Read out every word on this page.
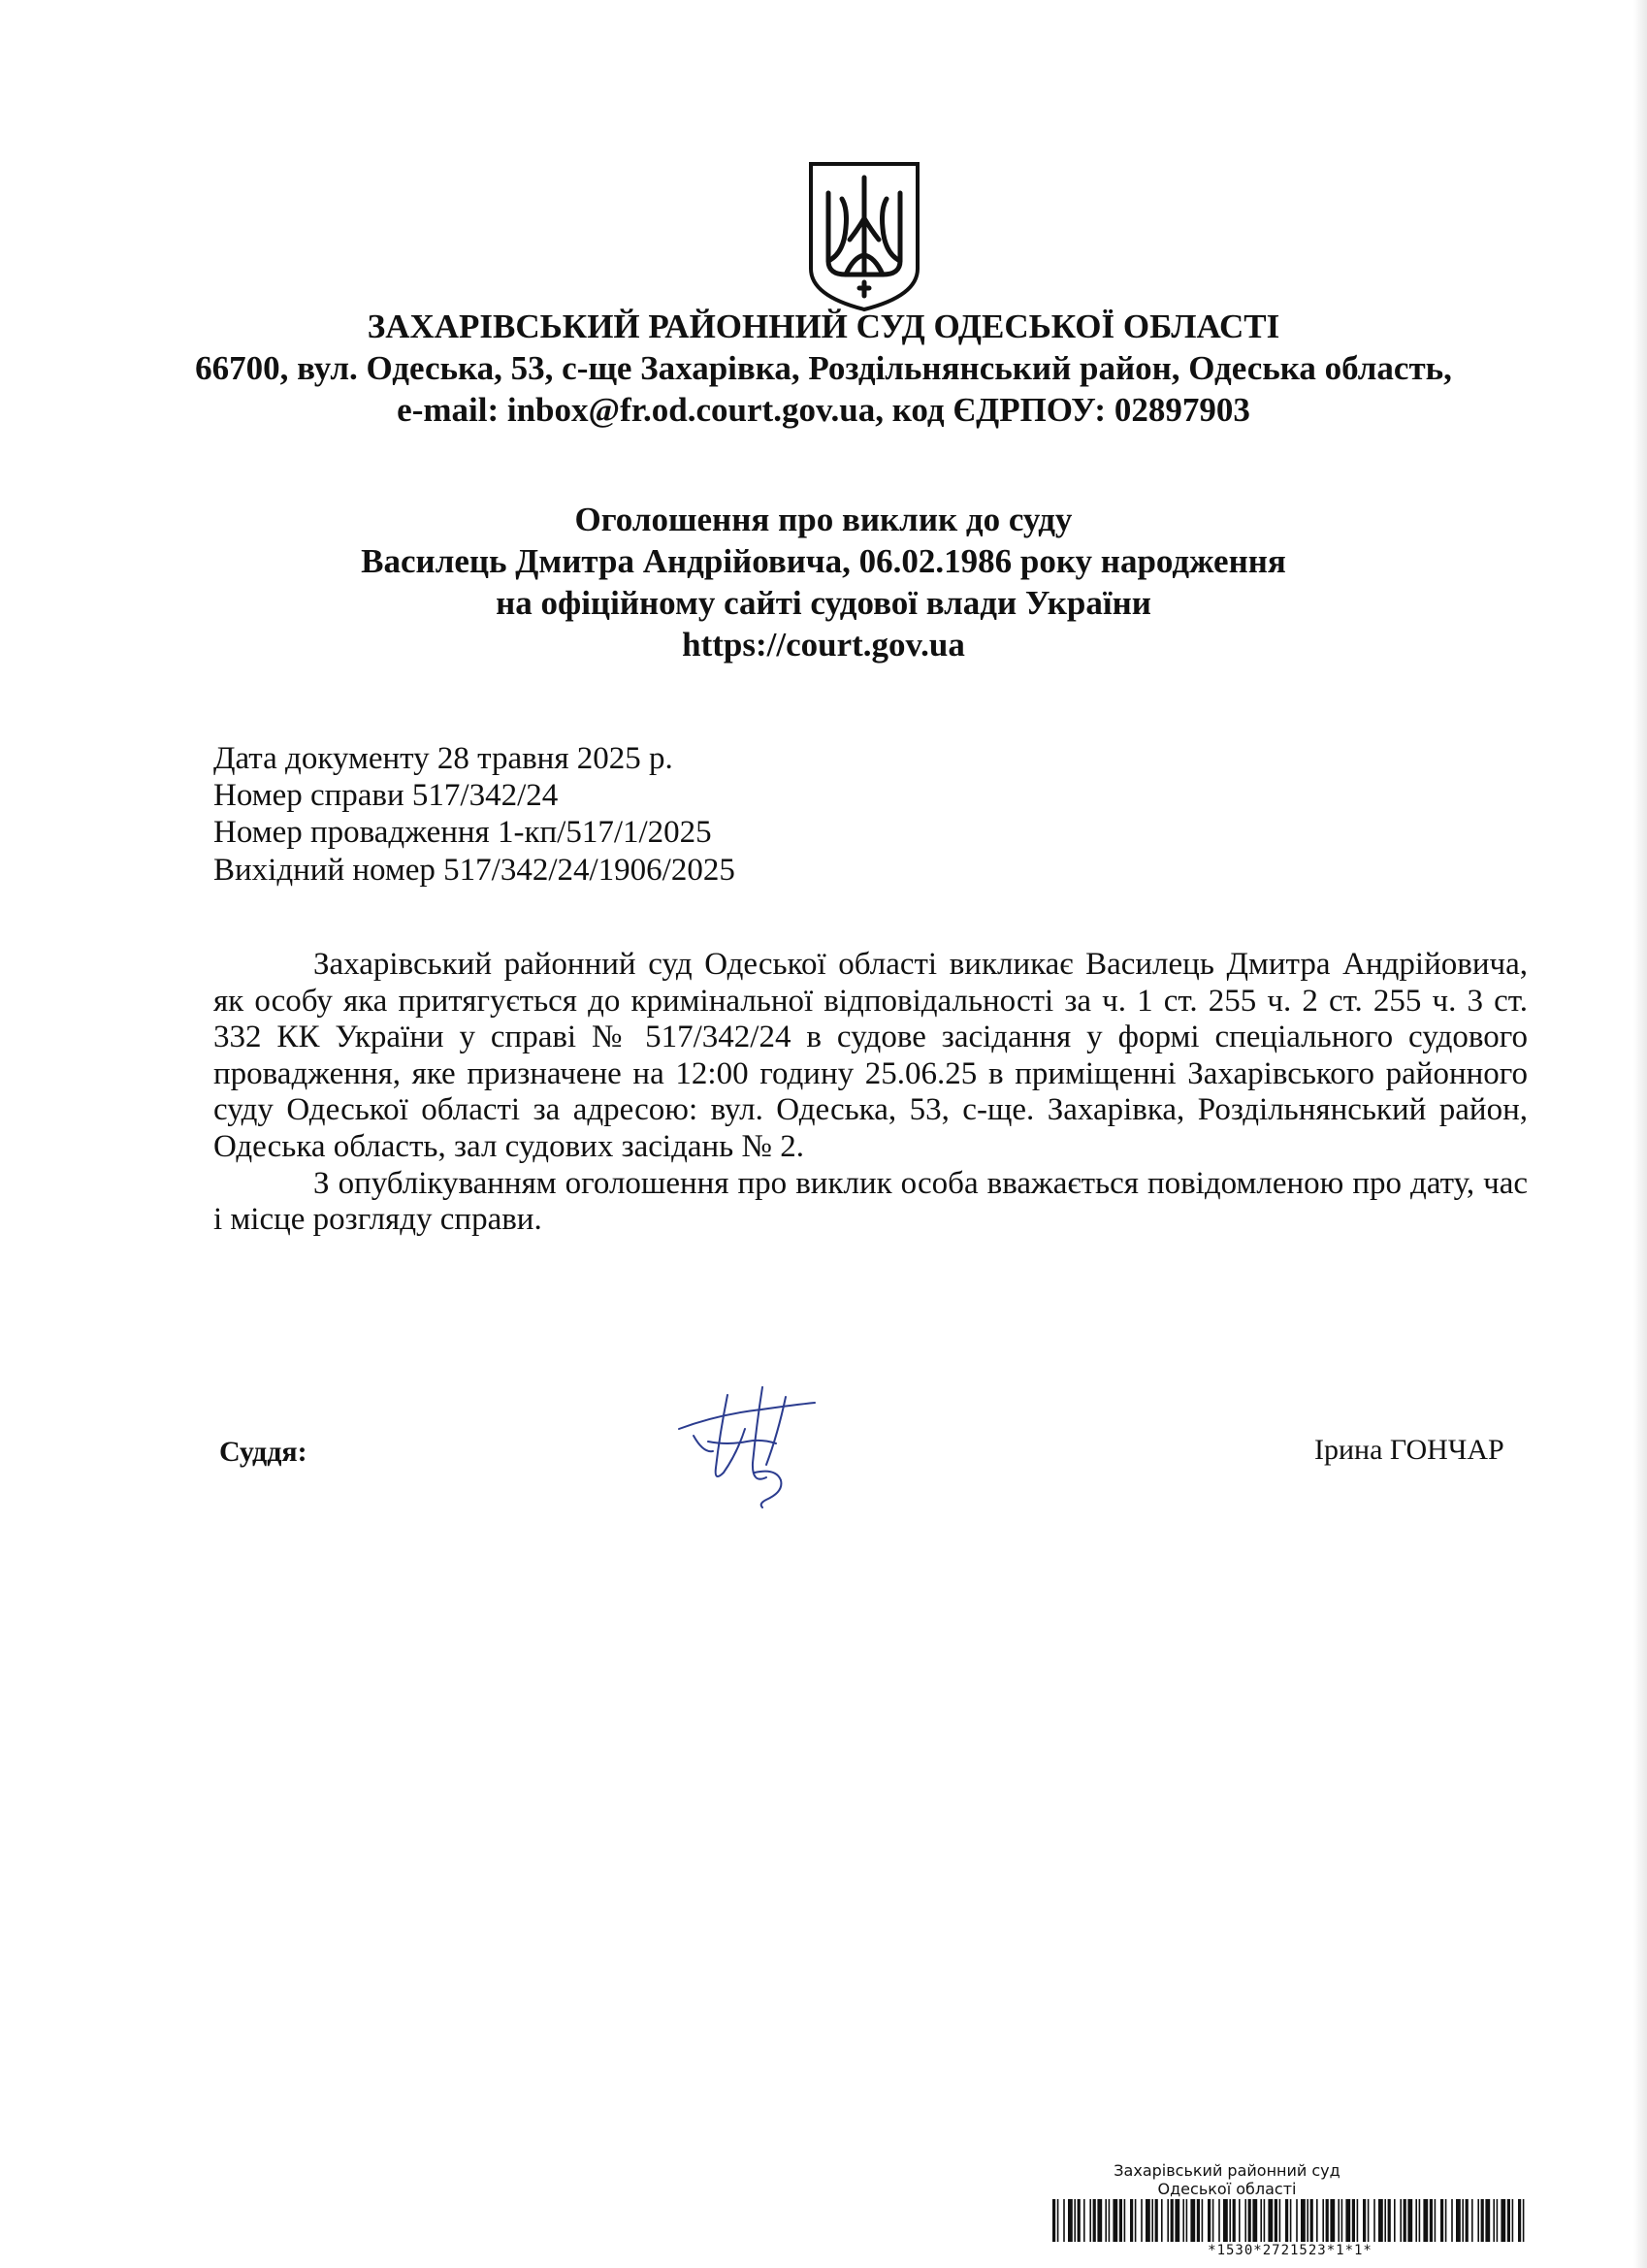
ЗАХАРІВСЬКИЙ РАЙОННИЙ СУД ОДЕСЬКОЇ ОБЛАСТІ
66700, вул. Одеська, 53, с-ще Захарівка, Роздільнянський район, Одеська область,
e-mail: inbox@fr.od.court.gov.ua, код ЄДРПОУ: 02897903
Оголошення про виклик до суду
Василець Дмитра Андрійовича, 06.02.1986 року народження
на офіційному сайті судової влади України
https://court.gov.ua
Дата документу 28 травня 2025 р.
Номер справи 517/342/24
Номер провадження 1-кп/517/1/2025
Вихідний номер 517/342/24/1906/2025

Захарівський районний суд Одеської області викликає Василець Дмитра Андрійовича, як особу яка притягується до кримінальної відповідальності за ч. 1 ст. 255 ч. 2 ст. 255 ч. 3 ст. 332 КК України у справі № 517/342/24 в судове засідання у формі спеціального судового провадження, яке призначене на 12:00 годину 25.06.25 в приміщенні Захарівського районного суду Одеської області за адресою: вул. Одеська, 53, с-ще. Захарівка, Роздільнянський район, Одеська область, зал судових засідань № 2.

З опублікуванням оголошення про виклик особа вважається повідомленою про дату, час і місце розгляду справи.

Суддя:	Ірина ГОНЧАР
Захарівський районний суд
Одеської області
*1530*2721523*1*1*
